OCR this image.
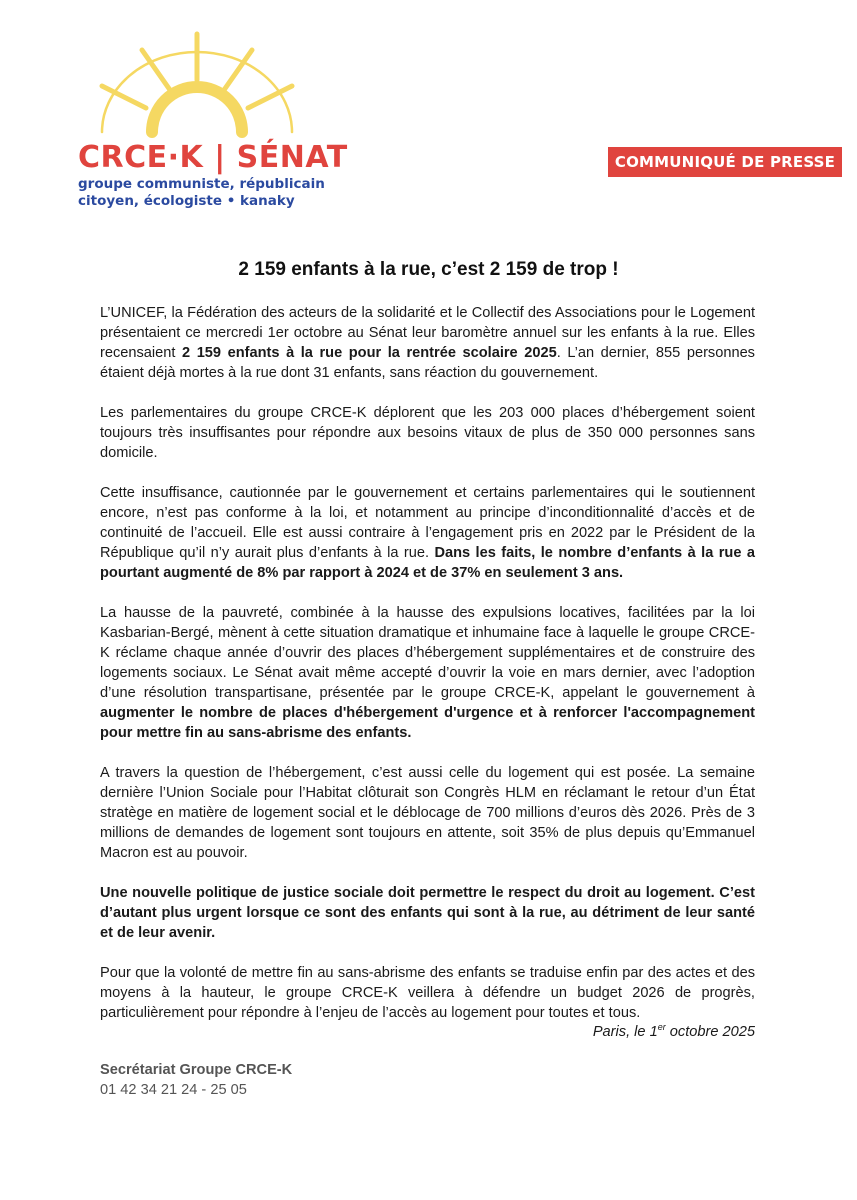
CRCE·K | SÉNAT
groupe communiste, républicain
citoyen, écologiste • kanaky
COMMUNIQUÉ DE PRESSE
2 159 enfants à la rue, c’est 2 159 de trop !

L’UNICEF, la Fédération des acteurs de la solidarité et le Collectif des Associations pour le Logement présentaient ce mercredi 1er octobre au Sénat leur baromètre annuel sur les enfants à la rue. Elles recensaient 2 159 enfants à la rue pour la rentrée scolaire 2025. L’an dernier, 855 personnes étaient déjà mortes à la rue dont 31 enfants, sans réaction du gouvernement.

Les parlementaires du groupe CRCE-K déplorent que les 203 000 places d’hébergement soient toujours très insuffisantes pour répondre aux besoins vitaux de plus de 350 000 personnes sans domicile.

Cette insuffisance, cautionnée par le gouvernement et certains parlementaires qui le soutiennent encore, n’est pas conforme à la loi, et notamment au principe d’inconditionnalité d’accès et de continuité de l’accueil. Elle est aussi contraire à l’engagement pris en 2022 par le Président de la République qu’il n’y aurait plus d’enfants à la rue. Dans les faits, le nombre d’enfants à la rue a pourtant augmenté de 8% par rapport à 2024 et de 37% en seulement 3 ans.

La hausse de la pauvreté, combinée à la hausse des expulsions locatives, facilitées par la loi Kasbarian-Bergé, mènent à cette situation dramatique et inhumaine face à laquelle le groupe CRCE-K réclame chaque année d’ouvrir des places d’hébergement supplémentaires et de construire des logements sociaux. Le Sénat avait même accepté d’ouvrir la voie en mars dernier, avec l’adoption d’une résolution transpartisane, présentée par le groupe CRCE-K, appelant le gouvernement à augmenter le nombre de places d'hébergement d'urgence et à renforcer l'accompagnement pour mettre fin au sans-abrisme des enfants.

A travers la question de l’hébergement, c’est aussi celle du logement qui est posée. La semaine dernière l’Union Sociale pour l’Habitat clôturait son Congrès HLM en réclamant le retour d’un État stratège en matière de logement social et le déblocage de 700 millions d’euros dès 2026. Près de 3 millions de demandes de logement sont toujours en attente, soit 35% de plus depuis qu’Emmanuel Macron est au pouvoir.

Une nouvelle politique de justice sociale doit permettre le respect du droit au logement. C’est d’autant plus urgent lorsque ce sont des enfants qui sont à la rue, au détriment de leur santé et de leur avenir.

Pour que la volonté de mettre fin au sans-abrisme des enfants se traduise enfin par des actes et des moyens à la hauteur, le groupe CRCE-K veillera à défendre un budget 2026 de progrès, particulièrement pour répondre à l’enjeu de l’accès au logement pour toutes et tous.

Paris, le 1er octobre 2025
Secrétariat Groupe CRCE-K
01 42 34 21 24 - 25 05
